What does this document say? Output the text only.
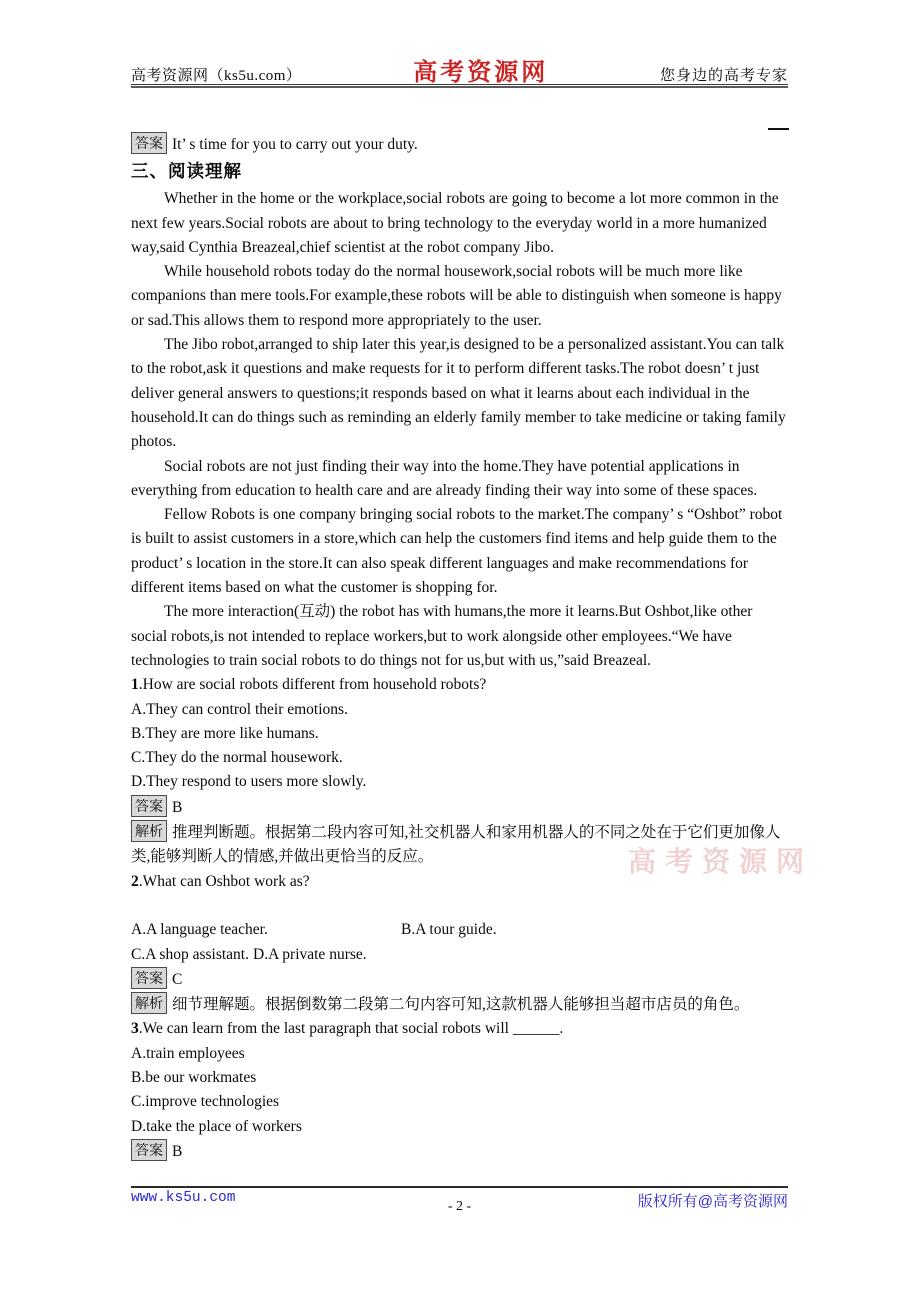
高考资源网（ks5u.com）	高考资源网	您身边的高考专家
答案 It’ s time for you to carry out your duty.
三、阅读理解

Whether in the home or the workplace,social robots are going to become a lot more common in the next few years.Social robots are about to bring technology to the everyday world in a more humanized way,said Cynthia Breazeal,chief scientist at the robot company Jibo.

While household robots today do the normal housework,social robots will be much more like companions than mere tools.For example,these robots will be able to distinguish when someone is happy or sad.This allows them to respond more appropriately to the user.

The Jibo robot,arranged to ship later this year,is designed to be a personalized assistant.You can talk to the robot,ask it questions and make requests for it to perform different tasks.The robot doesn’ t just deliver general answers to questions;it responds based on what it learns about each individual in the household.It can do things such as reminding an elderly family member to take medicine or taking family photos.

Social robots are not just finding their way into the home.They have potential applications in everything from education to health care and are already finding their way into some of these spaces.

Fellow Robots is one company bringing social robots to the market.The company’ s “Oshbot” robot is built to assist customers in a store,which can help the customers find items and help guide them to the product’ s location in the store.It can also speak different languages and make recommendations for different items based on what the customer is shopping for.

The more interaction(互动) the robot has with humans,the more it learns.But Oshbot,like other social robots,is not intended to replace workers,but to work alongside other employees.“We have technologies to train social robots to do things not for us,but with us,”said Breazeal.

1.How are social robots different from household robots?
A.They can control their emotions.
B.They are more like humans.
C.They do the normal housework.
D.They respond to users more slowly.
答案 B
解析 推理判断题。根据第二段内容可知,社交机器人和家用机器人的不同之处在于它们更加像人类,能够判断人的情感,并做出更恰当的反应。
2.What can Oshbot work as?
A.A language teacher.	B.A tour guide.
C.A shop assistant. D.A private nurse.
答案 C
解析 细节理解题。根据倒数第二段第二句内容可知,这款机器人能够担当超市店员的角色。
3.We can learn from the last paragraph that social robots will ______.
A.train employees
B.be our workmates
C.improve technologies
D.take the place of workers
答案 B
高考资源网
www.ks5u.com
- 2 -	版权所有@高考资源网
